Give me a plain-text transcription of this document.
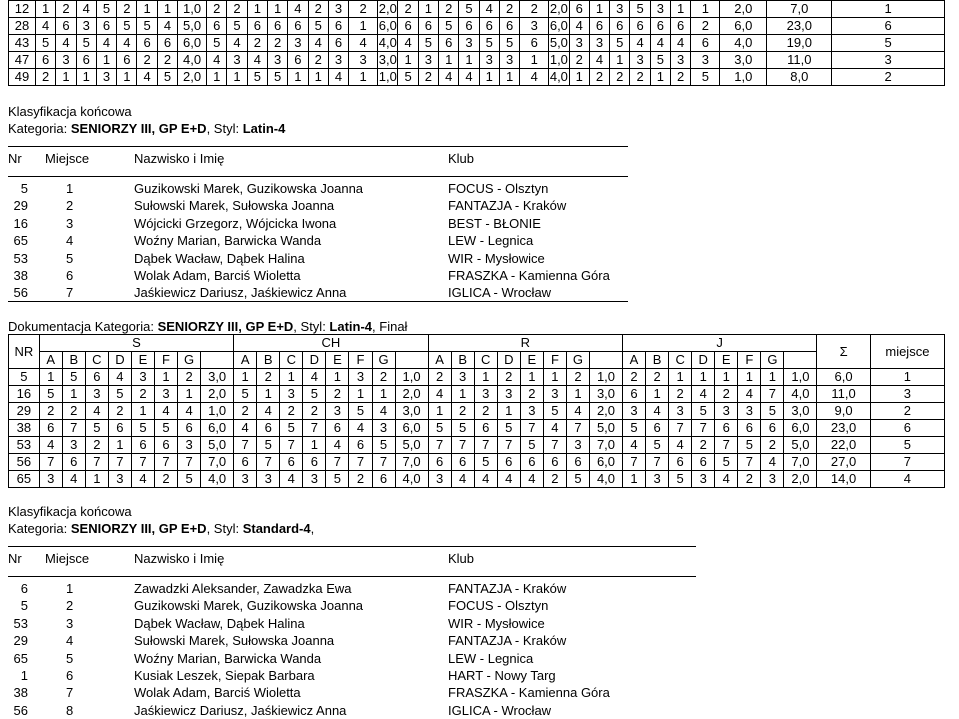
12	1	2	4	5	2	1	1	1,0	2	2	1	1	4	2	3	2	2,0	2	1	2	5	4	2	2	2,0	6	1	3	5	3	1	1	2,0	7,0	1
28	4	6	3	6	5	5	4	5,0	6	5	6	6	6	5	6	1	6,0	6	6	5	6	6	6	3	6,0	4	6	6	6	6	6	2	6,0	23,0	6
43	5	4	5	4	4	6	6	6,0	5	4	2	2	3	4	6	4	4,0	4	5	6	3	5	5	6	5,0	3	3	5	4	4	4	6	4,0	19,0	5
47	6	3	6	1	6	2	2	4,0	4	3	4	3	6	2	3	3	3,0	1	3	1	1	3	3	1	1,0	2	4	1	3	5	3	3	3,0	11,0	3
49	2	1	1	3	1	4	5	2,0	1	1	5	5	1	1	4	1	1,0	5	2	4	4	1	1	4	4,0	1	2	2	2	1	2	5	1,0	8,0	2
Klasyfikacja końcowa
Kategoria: SENIORZY III, GP E+D, Styl: Latin-4
Nr Miejsce	Nazwisko i Imię	Klub
5	1	Guzikowski Marek, Guzikowska Joanna	FOCUS - Olsztyn
29	2	Sułowski Marek, Sułowska Joanna	FANTAZJA - Kraków
16	3	Wójcicki Grzegorz, Wójcicka Iwona	BEST - BŁONIE
65	4	Woźny Marian, Barwicka Wanda	LEW - Legnica
53	5	Dąbek Wacław, Dąbek Halina	WIR - Mysłowice
38	6	Wolak Adam, Barciś Wioletta	FRASZKA - Kamienna Góra
56	7	Jaśkiewicz Dariusz, Jaśkiewicz Anna	IGLICA - Wrocław
Dokumentacja Kategoria: SENIORZY III, GP E+D, Styl: Latin-4, Finał
NR	S								CH								R								J								Σ	miejsce
	A	B	C	D	E	F	G		A	B	C	D	E	F	G		A	B	C	D	E	F	G		A	B	C	D	E	F	G			
5	1	5	6	4	3	1	2	3,0	1	2	1	4	1	3	2	1,0	2	3	1	2	1	1	2	1,0	2	2	1	1	1	1	1	1,0	6,0	1
16	5	1	3	5	2	3	1	2,0	5	1	3	5	2	1	1	2,0	4	1	3	3	2	3	1	3,0	6	1	2	4	2	4	7	4,0	11,0	3
29	2	2	4	2	1	4	4	1,0	2	4	2	2	3	5	4	3,0	1	2	2	1	3	5	4	2,0	3	4	3	5	3	3	5	3,0	9,0	2
38	6	7	5	6	5	5	6	6,0	4	6	5	7	6	4	3	6,0	5	5	6	5	7	4	7	5,0	5	6	7	7	6	6	6	6,0	23,0	6
53	4	3	2	1	6	6	3	5,0	7	5	7	1	4	6	5	5,0	7	7	7	7	5	7	3	7,0	4	5	4	2	7	5	2	5,0	22,0	5
56	7	6	7	7	7	7	7	7,0	6	7	6	6	7	7	7	7,0	6	6	5	6	6	6	6	6,0	7	7	6	6	5	7	4	7,0	27,0	7
65	3	4	1	3	4	2	5	4,0	3	3	4	3	5	2	6	4,0	3	4	4	4	4	2	5	4,0	1	3	5	3	4	2	3	2,0	14,0	4
Klasyfikacja końcowa
Kategoria: SENIORZY III, GP E+D, Styl: Standard-4,
Nr Miejsce	Nazwisko i Imię	Klub
6	1	Zawadzki Aleksander, Zawadzka Ewa	FANTAZJA - Kraków
5	2	Guzikowski Marek, Guzikowska Joanna	FOCUS - Olsztyn
53	3	Dąbek Wacław, Dąbek Halina	WIR - Mysłowice
29	4	Sułowski Marek, Sułowska Joanna	FANTAZJA - Kraków
65	5	Woźny Marian, Barwicka Wanda	LEW - Legnica
1	6	Kusiak Leszek, Siepak Barbara	HART - Nowy Targ
38	7	Wolak Adam, Barciś Wioletta	FRASZKA - Kamienna Góra
56	8	Jaśkiewicz Dariusz, Jaśkiewicz Anna	IGLICA - Wrocław
